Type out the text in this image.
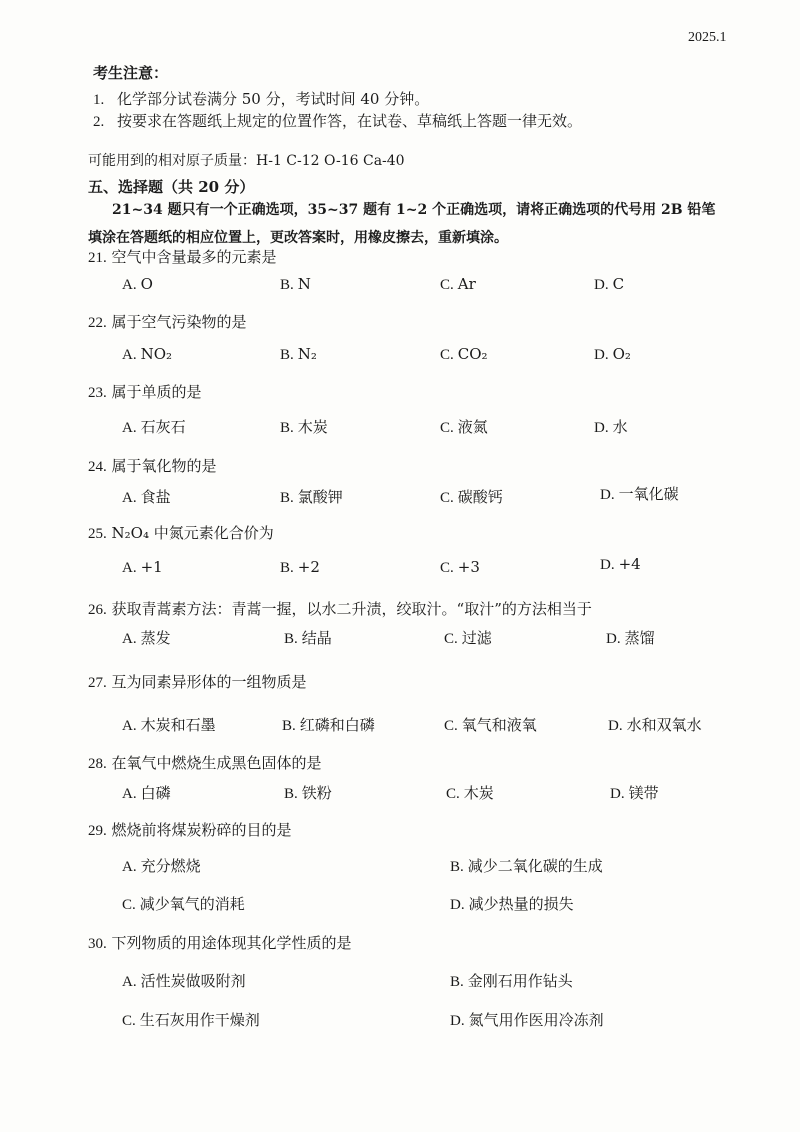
2025.1
考生注意：
1. 化学部分试卷满分 50 分，考试时间 40 分钟。
2. 按要求在答题纸上规定的位置作答，在试卷、草稿纸上答题一律无效。
可能用到的相对原子质量：H-1 C-12 O-16 Ca-40
五、选择题（共 20 分）
21~34 题只有一个正确选项，35~37 题有 1~2 个正确选项，请将正确选项的代号用 2B 铅笔填涂在答题纸的相应位置上，更改答案时，用橡皮擦去，重新填涂。
21. 空气中含量最多的元素是
A. O	B. N	C. Ar	D. C
22. 属于空气污染物的是
A. NO₂	B. N₂	C. CO₂	D. O₂
23. 属于单质的是
A. 石灰石	B. 木炭	C. 液氮	D. 水
24. 属于氧化物的是
A. 食盐	B. 氯酸钾	C. 碳酸钙	D. 一氧化碳
25. N₂O₄ 中氮元素化合价为
A. +1	B. +2	C. +3	D. +4
26. 获取青蒿素方法：青蒿一握，以水二升渍，绞取汁。“取汁”的方法相当于
A. 蒸发	B. 结晶	C. 过滤	D. 蒸馏
27. 互为同素异形体的一组物质是
A. 木炭和石墨	B. 红磷和白磷	C. 氧气和液氧	D. 水和双氧水
28. 在氧气中燃烧生成黑色固体的是
A. 白磷	B. 铁粉	C. 木炭	D. 镁带
29. 燃烧前将煤炭粉碎的目的是
A. 充分燃烧	B. 减少二氧化碳的生成
C. 减少氧气的消耗	D. 减少热量的损失
30. 下列物质的用途体现其化学性质的是
A. 活性炭做吸附剂	B. 金刚石用作钻头
C. 生石灰用作干燥剂	D. 氮气用作医用冷冻剂
